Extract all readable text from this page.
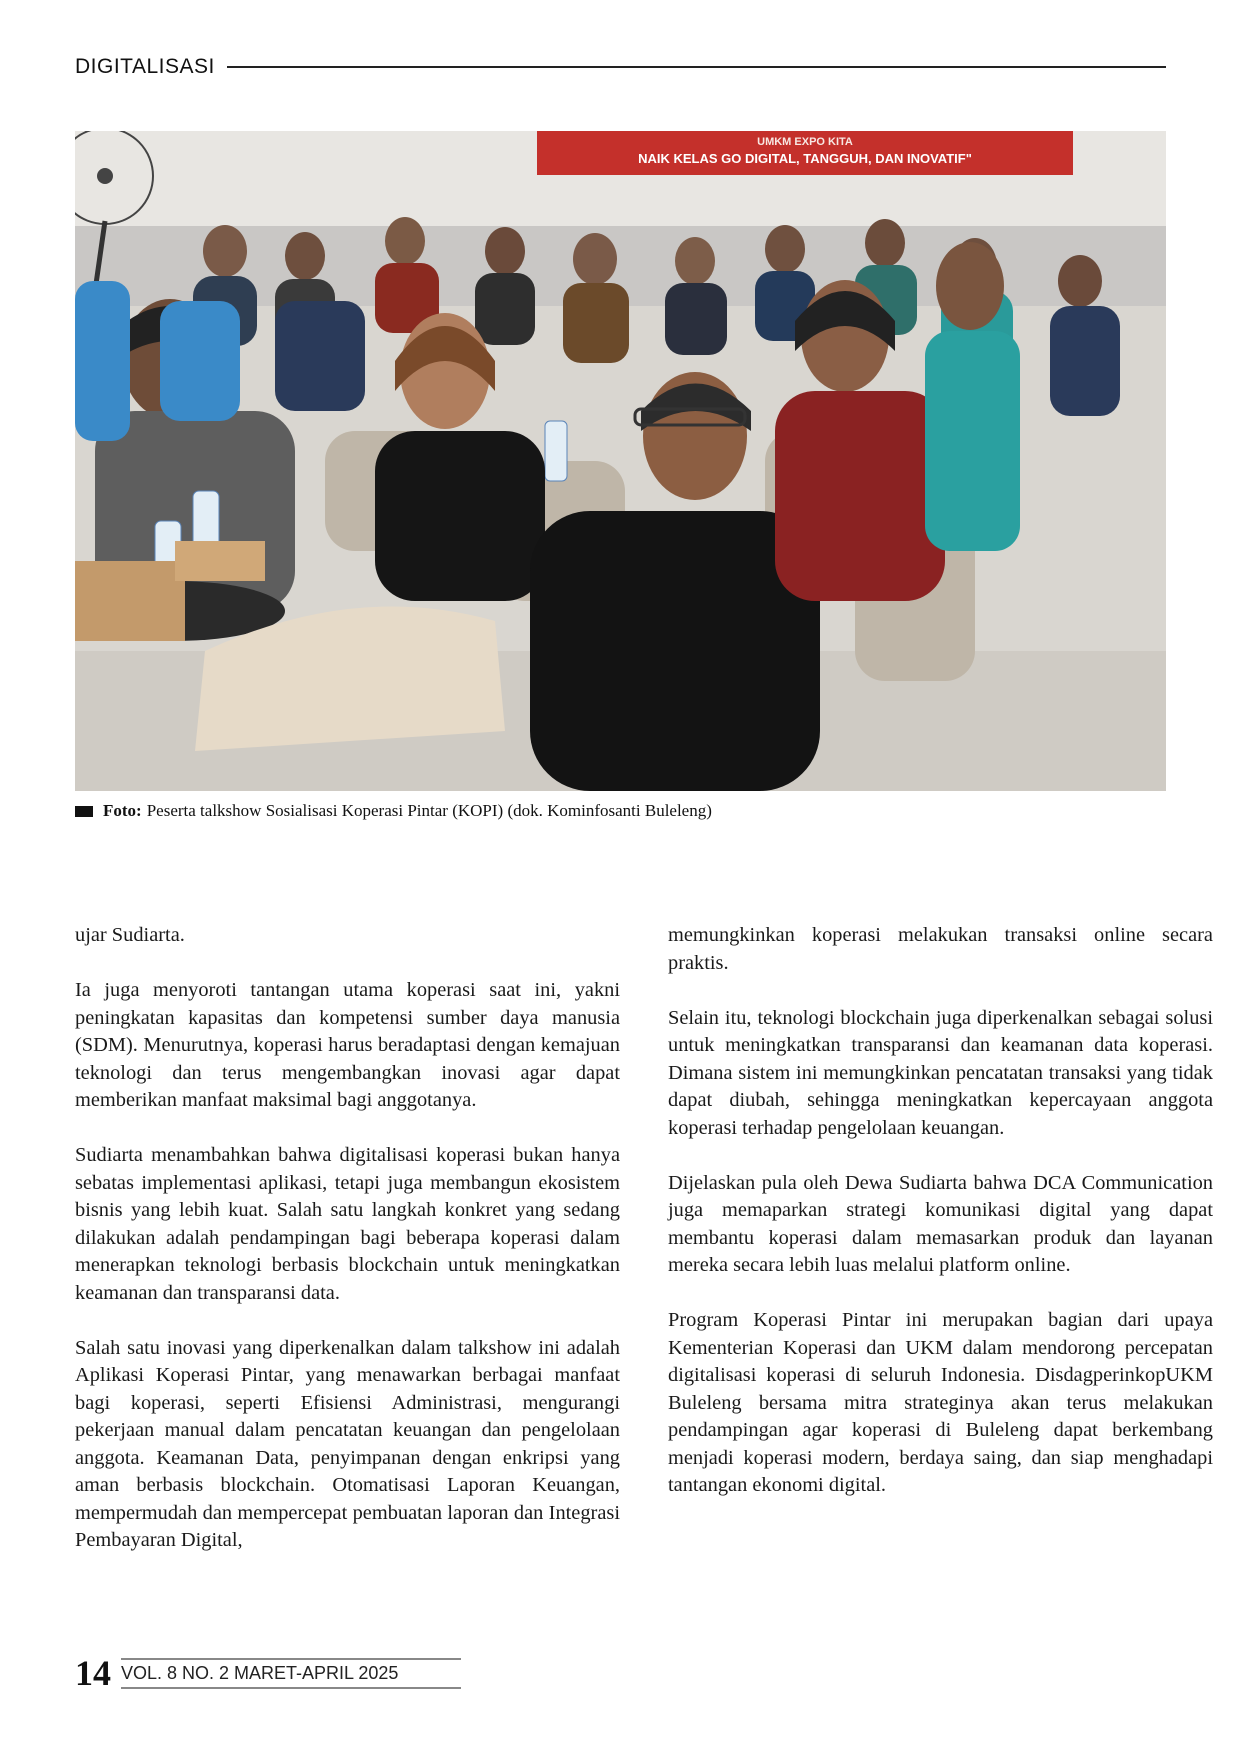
DIGITALISASI
UMKM EXPO KITA
NAIK KELAS GO DIGITAL, TANGGUH, DAN INOVATIF"
Foto: Peserta talkshow Sosialisasi Koperasi Pintar (KOPI) (dok. Kominfosanti Buleleng)

ujar Sudiarta.

Ia juga menyoroti tantangan utama koperasi saat ini, yakni peningkatan kapasitas dan kompetensi sumber daya manusia (SDM). Menurutnya, koperasi harus beradaptasi dengan kemajuan teknologi dan terus mengembangkan inovasi agar dapat memberikan manfaat maksimal bagi anggotanya.

Sudiarta menambahkan bahwa digitalisasi koperasi bukan hanya sebatas implementasi aplikasi, tetapi juga membangun ekosistem bisnis yang lebih kuat. Salah satu langkah konkret yang sedang dilakukan adalah pendampingan bagi beberapa koperasi dalam menerapkan teknologi berbasis blockchain untuk meningkatkan keamanan dan transparansi data.

Salah satu inovasi yang diperkenalkan dalam talkshow ini adalah Aplikasi Koperasi Pintar, yang menawarkan berbagai manfaat bagi koperasi, seperti Efisiensi Administrasi, mengurangi pekerjaan manual dalam pencatatan keuangan dan pengelolaan anggota. Keamanan Data, penyimpanan dengan enkripsi yang aman berbasis blockchain. Otomatisasi Laporan Keuangan, mempermudah dan mempercepat pembuatan laporan dan Integrasi Pembayaran Digital,

memungkinkan koperasi melakukan transaksi online secara praktis.

Selain itu, teknologi blockchain juga diperkenalkan sebagai solusi untuk meningkatkan transparansi dan keamanan data koperasi. Dimana sistem ini memungkinkan pencatatan transaksi yang tidak dapat diubah, sehingga meningkatkan kepercayaan anggota koperasi terhadap pengelolaan keuangan.

Dijelaskan pula oleh Dewa Sudiarta bahwa DCA Communication juga memaparkan strategi komunikasi digital yang dapat membantu koperasi dalam memasarkan produk dan layanan mereka secara lebih luas melalui platform online.

Program Koperasi Pintar ini merupakan bagian dari upaya Kementerian Koperasi dan UKM dalam mendorong percepatan digitalisasi koperasi di seluruh Indonesia. DisdagperinkopUKM Buleleng bersama mitra strateginya akan terus melakukan pendampingan agar koperasi di Buleleng dapat berkembang menjadi koperasi modern, berdaya saing, dan siap menghadapi tantangan ekonomi digital.

14 VOL. 8 NO. 2 MARET-APRIL 2025
